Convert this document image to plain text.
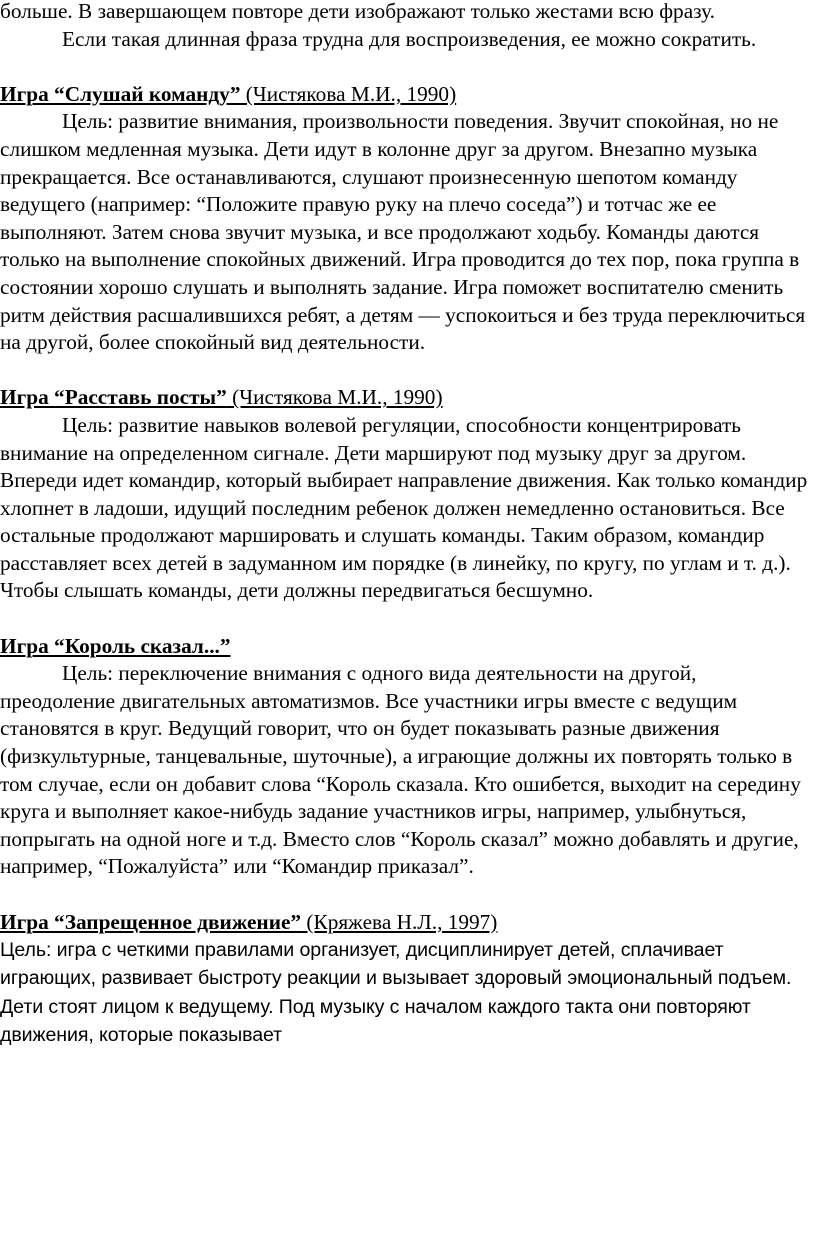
больше. В завершающем повторе дети изображают только жестами всю фразу.

Если такая длинная фраза трудна для воспроизведения, ее можно сократить.

Игра “Слушай команду” (Чистякова М.И., 1990)

Цель: развитие внимания, произвольности поведения. Звучит спокойная, но не слишком медленная музыка. Дети идут в колонне друг за другом. Внезапно музыка прекращается. Все останавливаются, слушают произнесенную шепотом команду ведущего (например: “Положите правую руку на плечо соседа”) и тотчас же ее выполняют. Затем снова звучит музыка, и все продолжают ходьбу. Команды даются только на выполнение спокойных движений. Игра проводится до тех пор, пока группа в состоянии хорошо слушать и выполнять задание. Игра поможет воспитателю сменить ритм действия расшалившихся ребят, а детям — успокоиться и без труда переключиться на другой, более спокойный вид деятельности.

Игра “Расставь посты” (Чистякова М.И., 1990)

Цель: развитие навыков волевой регуляции, способности концентрировать внимание на определенном сигнале. Дети маршируют под музыку друг за другом. Впереди идет командир, который выбирает направление движения. Как только командир хлопнет в ладоши, идущий последним ребенок должен немедленно остановиться. Все остальные продолжают маршировать и слушать команды. Таким образом, командир расставляет всех детей в задуманном им порядке (в линейку, по кругу, по углам и т. д.). Чтобы слышать команды, дети должны передвигаться бесшумно.

Игра “Король сказал...”

Цель: переключение внимания с одного вида деятельности на другой, преодоление двигательных автоматизмов. Все участники игры вместе с ведущим становятся в круг. Ведущий говорит, что он будет показывать разные движения (физкультурные, танцевальные, шуточные), а играющие должны их повторять только в том случае, если он добавит слова “Король сказала. Кто ошибется, выходит на середину круга и выполняет какое-нибудь задание участников игры, например, улыбнуться, попрыгать на одной ноге и т.д. Вместо слов “Король сказал” можно добавлять и другие, например, “Пожалуйста” или “Командир приказал”.

Игра “Запрещенное движение” (Кряжева Н.Л., 1997)

Цель: игра с четкими правилами организует, дисциплинирует детей, сплачивает играющих, развивает быстроту реакции и вызывает здоровый эмоциональный подъем. Дети стоят лицом к ведущему. Под музыку с началом каждого такта они повторяют движения, которые показывает
